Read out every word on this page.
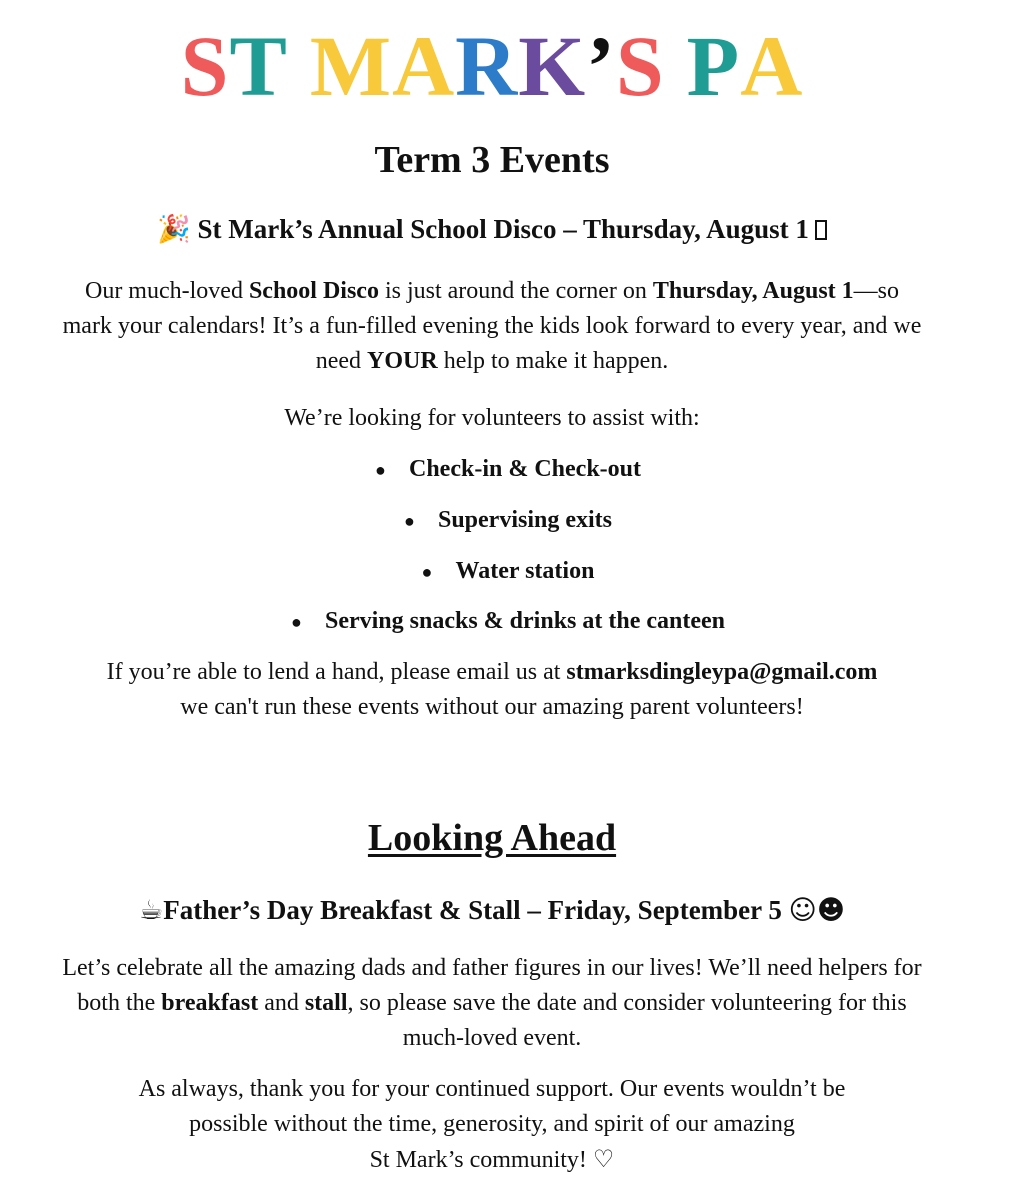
ST MARK’S PA
Term 3 Events
🎉 St Mark’s Annual School Disco – Thursday, August 1
Our much-loved School Disco is just around the corner on Thursday, August 1—so mark your calendars! It’s a fun-filled evening the kids look forward to every year, and we need YOUR help to make it happen.
We’re looking for volunteers to assist with:
● Check-in & Check-out
● Supervising exits
● Water station
● Serving snacks & drinks at the canteen
If you’re able to lend a hand, please email us at stmarksdingleypa@gmail.com
we can't run these events without our amazing parent volunteers!
Looking Ahead
☕Father’s Day Breakfast & Stall – Friday, September 5 ☺☻
Let’s celebrate all the amazing dads and father figures in our lives! We’ll need helpers for both the breakfast and stall, so please save the date and consider volunteering for this much-loved event.
As always, thank you for your continued support. Our events wouldn’t be
possible without the time, generosity, and spirit of our amazing
St Mark’s community! ♡
